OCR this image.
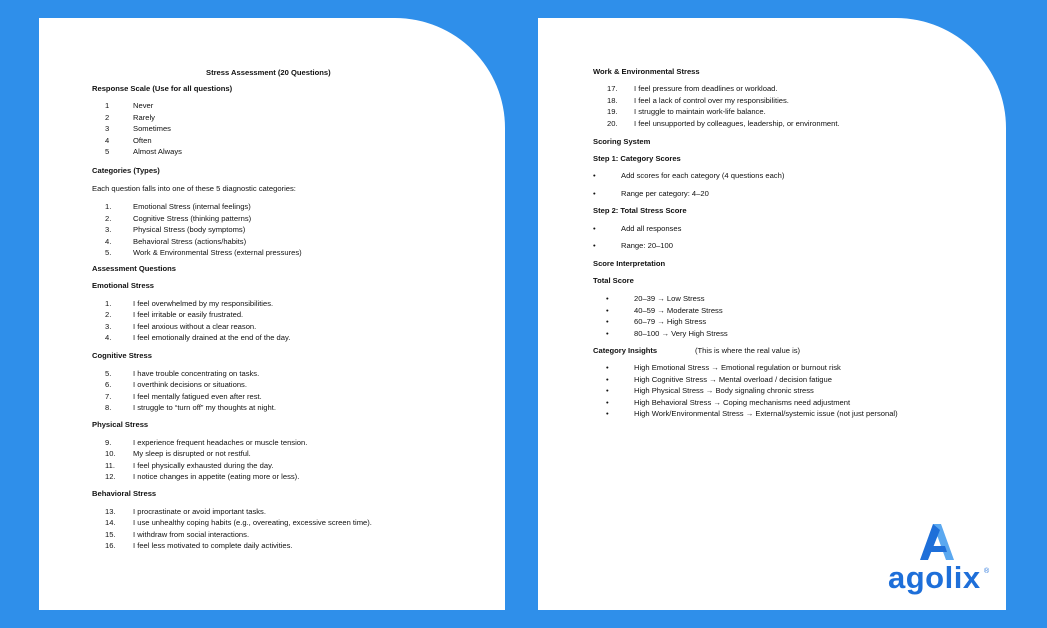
Stress Assessment (20 Questions)
Response Scale (Use for all questions)
1	Never
2	Rarely
3	Sometimes
4	Often
5	Almost Always
Categories (Types)
Each question falls into one of these 5 diagnostic categories:
1.	Emotional Stress (internal feelings)
2.	Cognitive Stress (thinking patterns)
3.	Physical Stress (body symptoms)
4.	Behavioral Stress (actions/habits)
5.	Work & Environmental Stress (external pressures)
Assessment Questions
Emotional Stress
1.	I feel overwhelmed by my responsibilities.
2.	I feel irritable or easily frustrated.
3.	I feel anxious without a clear reason.
4.	I feel emotionally drained at the end of the day.
Cognitive Stress
5.	I have trouble concentrating on tasks.
6.	I overthink decisions or situations.
7.	I feel mentally fatigued even after rest.
8.	I struggle to “turn off” my thoughts at night.
Physical Stress
9.	I experience frequent headaches or muscle tension.
10. My sleep is disrupted or not restful.
11. I feel physically exhausted during the day.
12. I notice changes in appetite (eating more or less).
Behavioral Stress
13. I procrastinate or avoid important tasks.
14. I use unhealthy coping habits (e.g., overeating, excessive screen time).
15. I withdraw from social interactions.
16. I feel less motivated to complete daily activities.
Work & Environmental Stress
17. I feel pressure from deadlines or workload.
18. I feel a lack of control over my responsibilities.
19. I struggle to maintain work-life balance.
20. I feel unsupported by colleagues, leadership, or environment.
Scoring System
Step 1: Category Scores
•	Add scores for each category (4 questions each)
•	Range per category: 4–20
Step 2: Total Stress Score
•	Add all responses
•	Range: 20–100
Score Interpretation
Total Score
•	20–39 → Low Stress
•	40–59 → Moderate Stress
•	60–79 → High Stress
•	80–100 → Very High Stress
Category Insights	(This is where the real value is)
•	High Emotional Stress → Emotional regulation or burnout risk
•	High Cognitive Stress → Mental overload / decision fatigue
•	High Physical Stress → Body signaling chronic stress
•	High Behavioral Stress → Coping mechanisms need adjustment
•	High Work/Environmental Stress → External/systemic issue (not just personal)
agolix ®
